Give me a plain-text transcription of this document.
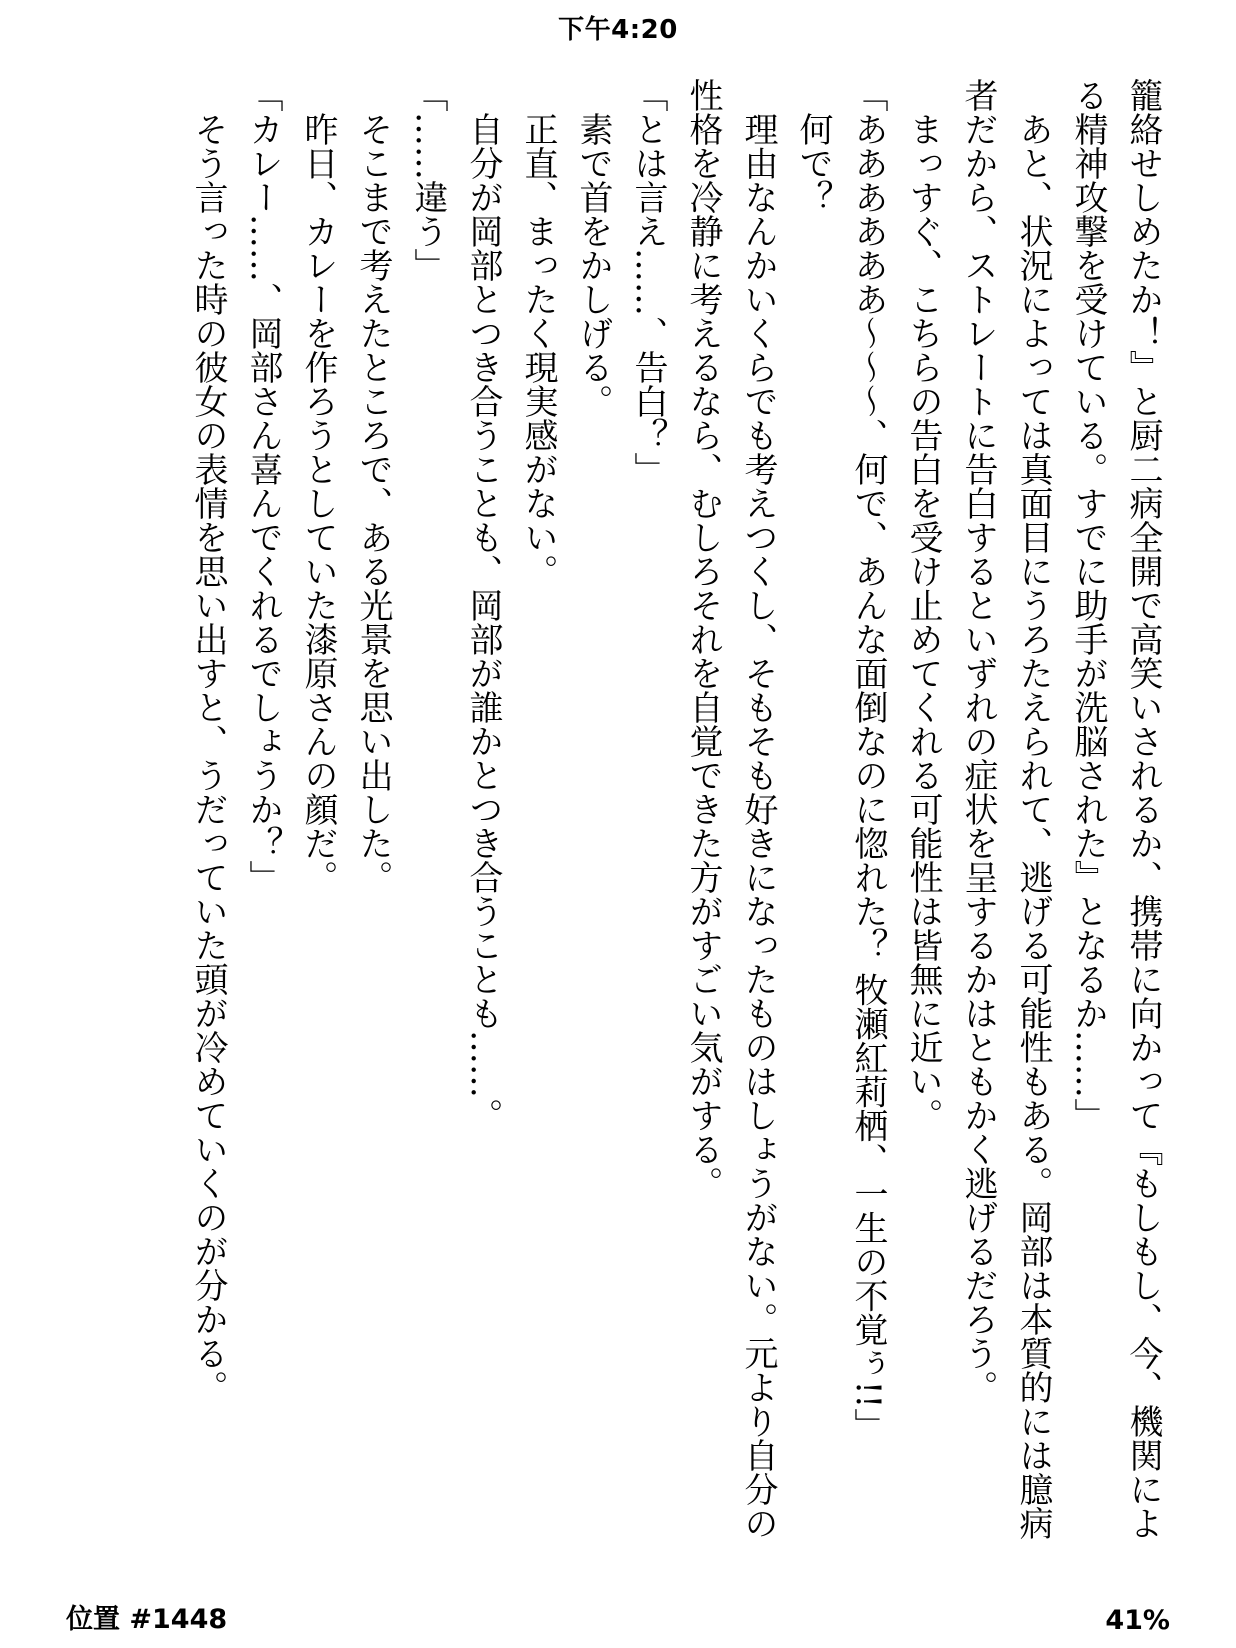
下午4:20

籠絡せしめたか！』と厨二病全開で高笑いされるか、携帯に向かって『もしもし、今、機関による精神攻撃を受けている。すでに助手が洗脳された』となるか……」

あと、状況によっては真面目にうろたえられて、逃げる可能性もある。岡部は本質的には臆病者だから、ストレートに告白するといずれの症状を呈するかはともかく逃げるだろう。

まっすぐ、こちらの告白を受け止めてくれる可能性は皆無に近い。

「ああああああ～～～、何で、あんな面倒なのに惚れた？ 牧瀬紅莉栖、一生の不覚ぅ!!」

何で？

理由なんかいくらでも考えつくし、そもそも好きになったものはしょうがない。元より自分の性格を冷静に考えるなら、むしろそれを自覚できた方がすごい気がする。

「とは言え……、告白？」

素で首をかしげる。

正直、まったく現実感がない。

自分が岡部とつき合うことも、岡部が誰かとつき合うことも……。

「……違う」

そこまで考えたところで、ある光景を思い出した。

昨日、カレーを作ろうとしていた漆原さんの顔だ。

「カレー……、岡部さん喜んでくれるでしょうか？」

そう言った時の彼女の表情を思い出すと、うだっていた頭が冷めていくのが分かる。

位置 #1448	41%
